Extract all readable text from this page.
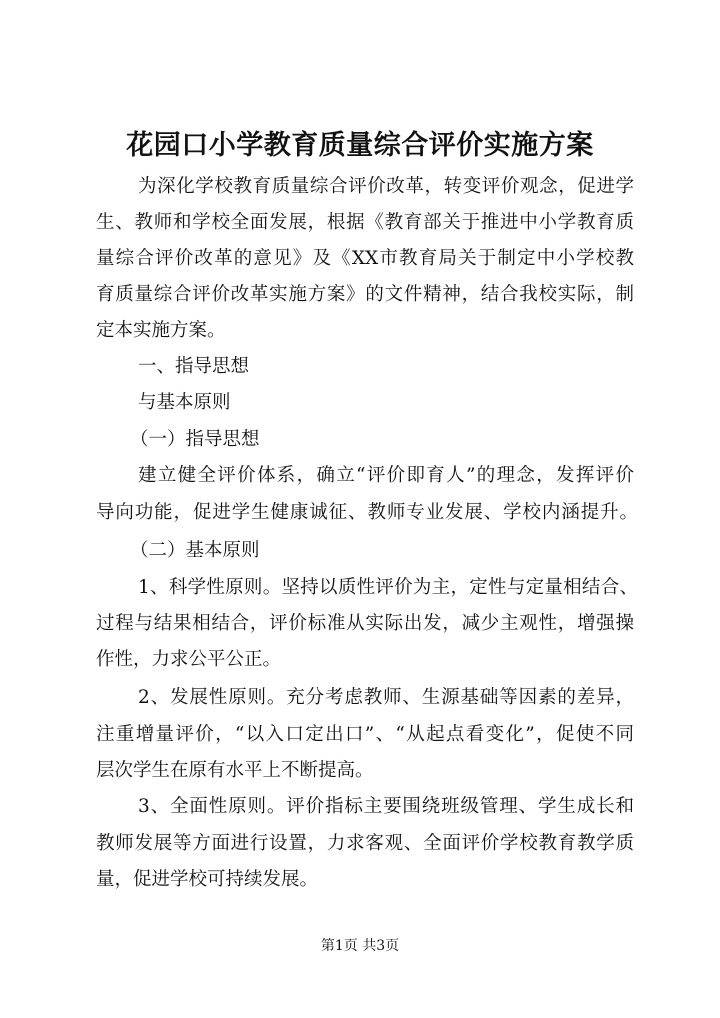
花园口小学教育质量综合评价实施方案
为深化学校教育质量综合评价改革，转变评价观念，促进学
生、教师和学校全面发展，根据《教育部关于推进中小学教育质
量综合评价改革的意见》及《XX市教育局关于制定中小学校教
育质量综合评价改革实施方案》的文件精神，结合我校实际，制
定本实施方案。
一、指导思想
与基本原则
（一）指导思想
建立健全评价体系，确立“评价即育人”的理念，发挥评价
导向功能，促进学生健康诚征、教师专业发展、学校内涵提升。
（二）基本原则
1、科学性原则。坚持以质性评价为主，定性与定量相结合、
过程与结果相结合，评价标准从实际出发，减少主观性，增强操
作性，力求公平公正。
2、发展性原则。充分考虑教师、生源基础等因素的差异，
注重增量评价，“以入口定出口”、“从起点看变化”，促使不同
层次学生在原有水平上不断提高。
3、全面性原则。评价指标主要围绕班级管理、学生成长和
教师发展等方面进行设置，力求客观、全面评价学校教育教学质
量，促进学校可持续发展。
第1页 共3页
